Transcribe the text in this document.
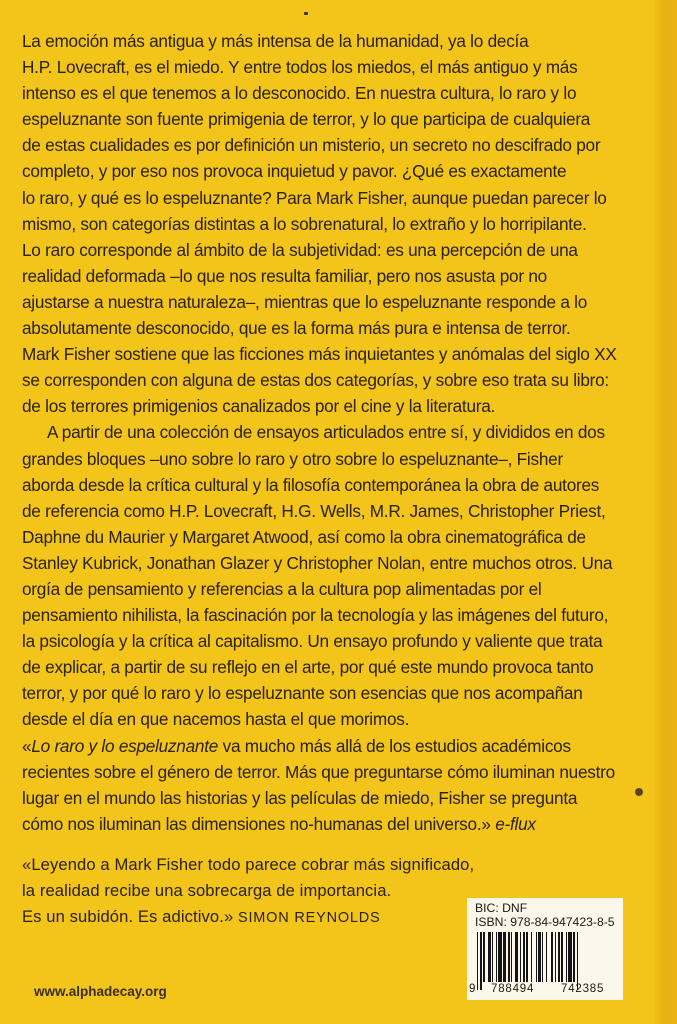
La emoción más antigua y más intensa de la humanidad, ya lo decía
H.P. Lovecraft, es el miedo. Y entre todos los miedos, el más antiguo y más
intenso es el que tenemos a lo desconocido. En nuestra cultura, lo raro y lo
espeluznante son fuente primigenia de terror, y lo que participa de cualquiera
de estas cualidades es por definición un misterio, un secreto no descifrado por
completo, y por eso nos provoca inquietud y pavor. ¿Qué es exactamente
lo raro, y qué es lo espeluznante? Para Mark Fisher, aunque puedan parecer lo
mismo, son categorías distintas a lo sobrenatural, lo extraño y lo horripilante.
Lo raro corresponde al ámbito de la subjetividad: es una percepción de una
realidad deformada –lo que nos resulta familiar, pero nos asusta por no
ajustarse a nuestra naturaleza–, mientras que lo espeluznante responde a lo
absolutamente desconocido, que es la forma más pura e intensa de terror.
Mark Fisher sostiene que las ficciones más inquietantes y anómalas del siglo XX
se corresponden con alguna de estas dos categorías, y sobre eso trata su libro:
de los terrores primigenios canalizados por el cine y la literatura.

A partir de una colección de ensayos articulados entre sí, y divididos en dos
grandes bloques –uno sobre lo raro y otro sobre lo espeluznante–, Fisher
aborda desde la crítica cultural y la filosofía contemporánea la obra de autores
de referencia como H.P. Lovecraft, H.G. Wells, M.R. James, Christopher Priest,
Daphne du Maurier y Margaret Atwood, así como la obra cinematográfica de
Stanley Kubrick, Jonathan Glazer y Christopher Nolan, entre muchos otros. Una
orgía de pensamiento y referencias a la cultura pop alimentadas por el
pensamiento nihilista, la fascinación por la tecnología y las imágenes del futuro,
la psicología y la crítica al capitalismo. Un ensayo profundo y valiente que trata
de explicar, a partir de su reflejo en el arte, por qué este mundo provoca tanto
terror, y por qué lo raro y lo espeluznante son esencias que nos acompañan
desde el día en que nacemos hasta el que morimos.

«Lo raro y lo espeluznante va mucho más allá de los estudios académicos
recientes sobre el género de terror. Más que preguntarse cómo iluminan nuestro
lugar en el mundo las historias y las películas de miedo, Fisher se pregunta
cómo nos iluminan las dimensiones no-humanas del universo.» e-flux
«Leyendo a Mark Fisher todo parece cobrar más significado,
la realidad recibe una sobrecarga de importancia.
Es un subidón. Es adictivo.» SIMON REYNOLDS
www.alphadecay.org
BIC: DNF
ISBN: 978-84-947423-8-5
9 788494 742385
